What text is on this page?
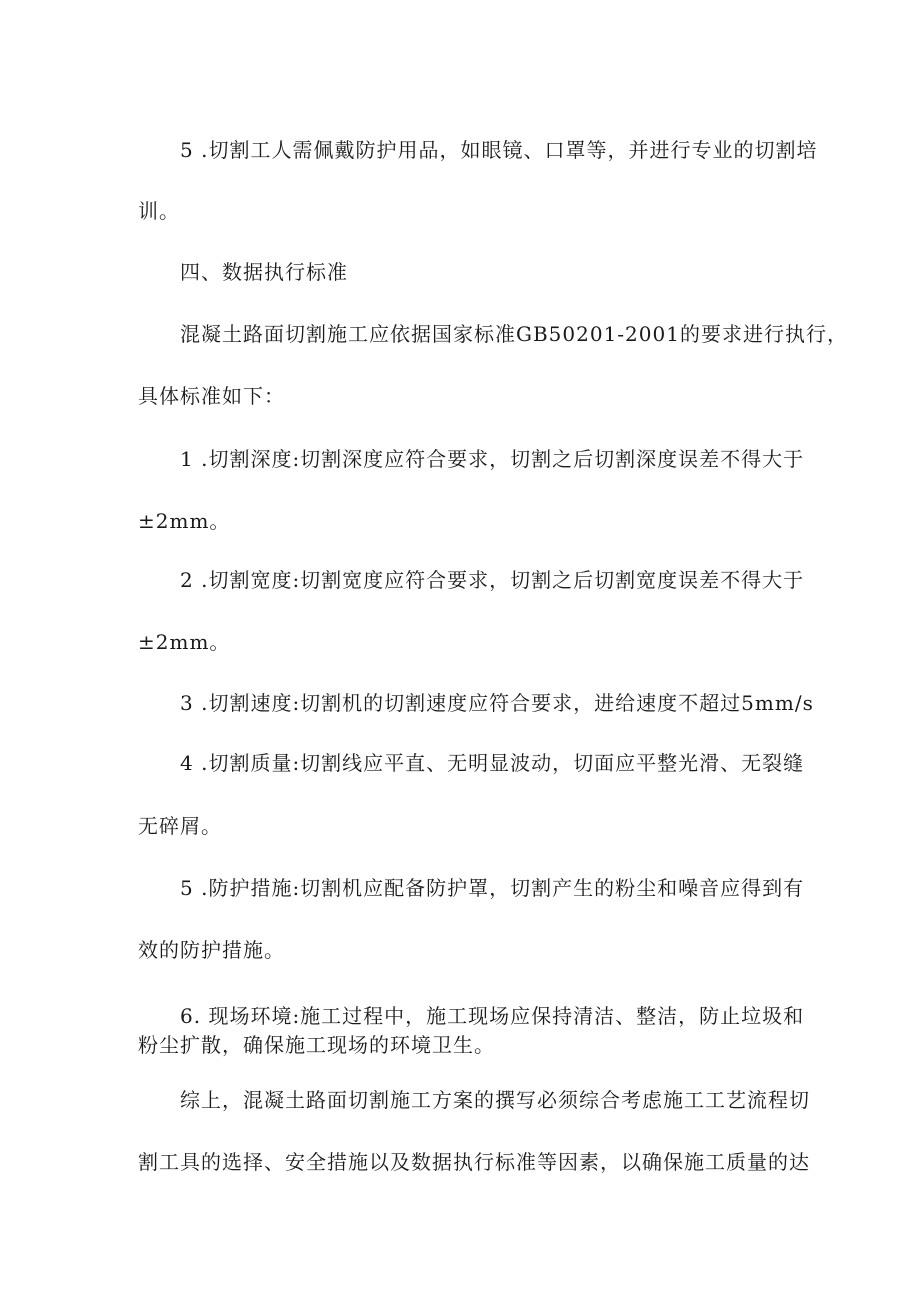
5 .切割工人需佩戴防护用品，如眼镜、口罩等，并进行专业的切割培
训。
四、数据执行标准
混凝土路面切割施工应依据国家标准GB50201-2001的要求进行执行，
具体标准如下：
1 .切割深度:切割深度应符合要求，切割之后切割深度误差不得大于
±2mm。
2 .切割宽度:切割宽度应符合要求，切割之后切割宽度误差不得大于
±2mm。
3 .切割速度:切割机的切割速度应符合要求，进给速度不超过5mm∕s
4 .切割质量:切割线应平直、无明显波动，切面应平整光滑、无裂缝
无碎屑。
5 .防护措施:切割机应配备防护罩，切割产生的粉尘和噪音应得到有
效的防护措施。
6. 现场环境:施工过程中，施工现场应保持清洁、整洁，防止垃圾和
粉尘扩散，确保施工现场的环境卫生。
综上，混凝土路面切割施工方案的撰写必须综合考虑施工工艺流程切
割工具的选择、安全措施以及数据执行标准等因素，以确保施工质量的达
